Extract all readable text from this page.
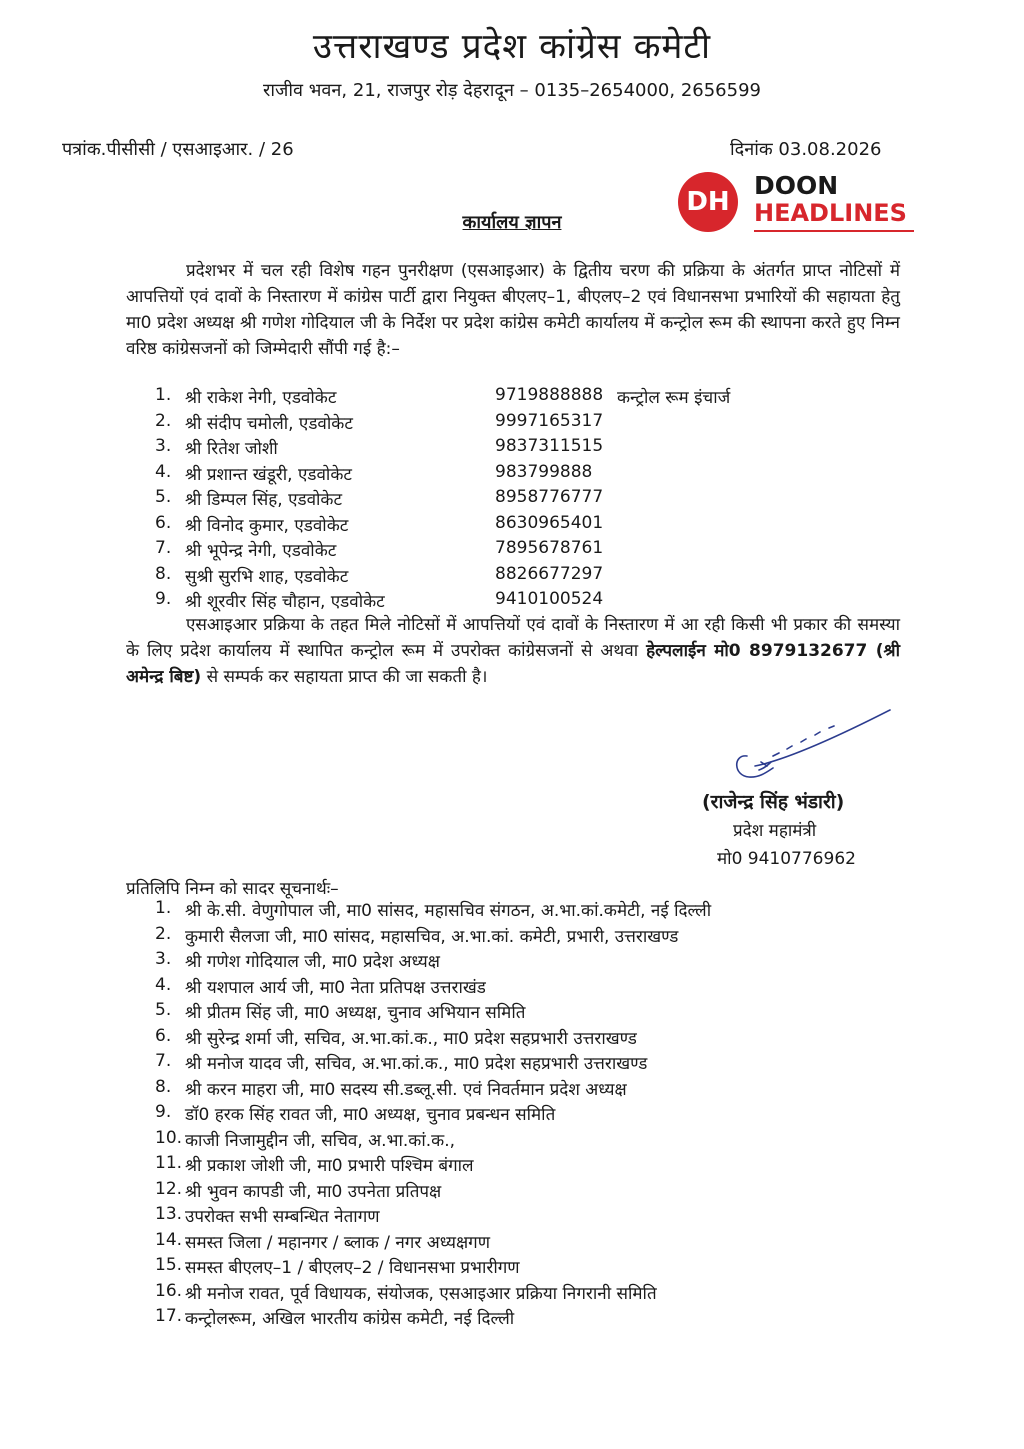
उत्तराखण्ड प्रदेश कांग्रेस कमेटी
राजीव भवन, 21, राजपुर रोड़ देहरादून – 0135–2654000, 2656599
पत्रांक.पीसीसी / एसआइआर. / 26	दिनांक 03.08.2026
DH
DOON
HEADLINES
कार्यालय ज्ञापन
प्रदेशभर में चल रही विशेष गहन पुनरीक्षण (एसआइआर) के द्वितीय चरण की प्रक्रिया के अंतर्गत प्राप्त नोटिसों में आपत्तियों एवं दावों के निस्तारण में कांग्रेस पार्टी द्वारा नियुक्त बीएलए–1, बीएलए–2 एवं विधानसभा प्रभारियों की सहायता हेतु मा0 प्रदेश अध्यक्ष श्री गणेश गोदियाल जी के निर्देश पर प्रदेश कांग्रेस कमेटी कार्यालय में कन्ट्रोल रूम की स्थापना करते हुए निम्न वरिष्ठ कांग्रेसजनों को जिम्मेदारी सौंपी गई है:–
1. श्री राकेश नेगी, एडवोकेट	9719888888 कन्ट्रोल रूम इंचार्ज
2. श्री संदीप चमोली, एडवोकेट	9997165317
3. श्री रितेश जोशी	9837311515
4. श्री प्रशान्त खंडूरी, एडवोकेट	983799888
5. श्री डिम्पल सिंह, एडवोकेट	8958776777
6. श्री विनोद कुमार, एडवोकेट	8630965401
7. श्री भूपेन्द्र नेगी, एडवोकेट	7895678761
8. सुश्री सुरभि शाह, एडवोकेट	8826677297
9. श्री शूरवीर सिंह चौहान, एडवोकेट	9410100524
एसआइआर प्रक्रिया के तहत मिले नोटिसों में आपत्तियों एवं दावों के निस्तारण में आ रही किसी भी प्रकार की समस्या के लिए प्रदेश कार्यालय में स्थापित कन्ट्रोल रूम में उपरोक्त कांग्रेसजनों से अथवा हेल्पलाईन मो0 8979132677 (श्री अमेन्द्र बिष्ट) से सम्पर्क कर सहायता प्राप्त की जा सकती है।
(राजेन्द्र सिंह भंडारी)
प्रदेश महामंत्री
मो0 9410776962
प्रतिलिपि निम्न को सादर सूचनार्थः–
1. श्री के.सी. वेणुगोपाल जी, मा0 सांसद, महासचिव संगठन, अ.भा.कां.कमेटी, नई दिल्ली
2. कुमारी सैलजा जी, मा0 सांसद, महासचिव, अ.भा.कां. कमेटी, प्रभारी, उत्तराखण्ड
3. श्री गणेश गोदियाल जी, मा0 प्रदेश अध्यक्ष
4. श्री यशपाल आर्य जी, मा0 नेता प्रतिपक्ष उत्तराखंड
5. श्री प्रीतम सिंह जी, मा0 अध्यक्ष, चुनाव अभियान समिति
6. श्री सुरेन्द्र शर्मा जी, सचिव, अ.भा.कां.क., मा0 प्रदेश सहप्रभारी उत्तराखण्ड
7. श्री मनोज यादव जी, सचिव, अ.भा.कां.क., मा0 प्रदेश सहप्रभारी उत्तराखण्ड
8. श्री करन माहरा जी, मा0 सदस्य सी.डब्लू.सी. एवं निवर्तमान प्रदेश अध्यक्ष
9. डॉ0 हरक सिंह रावत जी, मा0 अध्यक्ष, चुनाव प्रबन्धन समिति
10. काजी निजामुद्दीन जी, सचिव, अ.भा.कां.क.,
11. श्री प्रकाश जोशी जी, मा0 प्रभारी पश्चिम बंगाल
12. श्री भुवन कापडी जी, मा0 उपनेता प्रतिपक्ष
13. उपरोक्त सभी सम्बन्धित नेतागण
14. समस्त जिला / महानगर / ब्लाक / नगर अध्यक्षगण
15. समस्त बीएलए–1 / बीएलए–2 / विधानसभा प्रभारीगण
16. श्री मनोज रावत, पूर्व विधायक, संयोजक, एसआइआर प्रक्रिया निगरानी समिति
17. कन्ट्रोलरूम, अखिल भारतीय कांग्रेस कमेटी, नई दिल्ली
